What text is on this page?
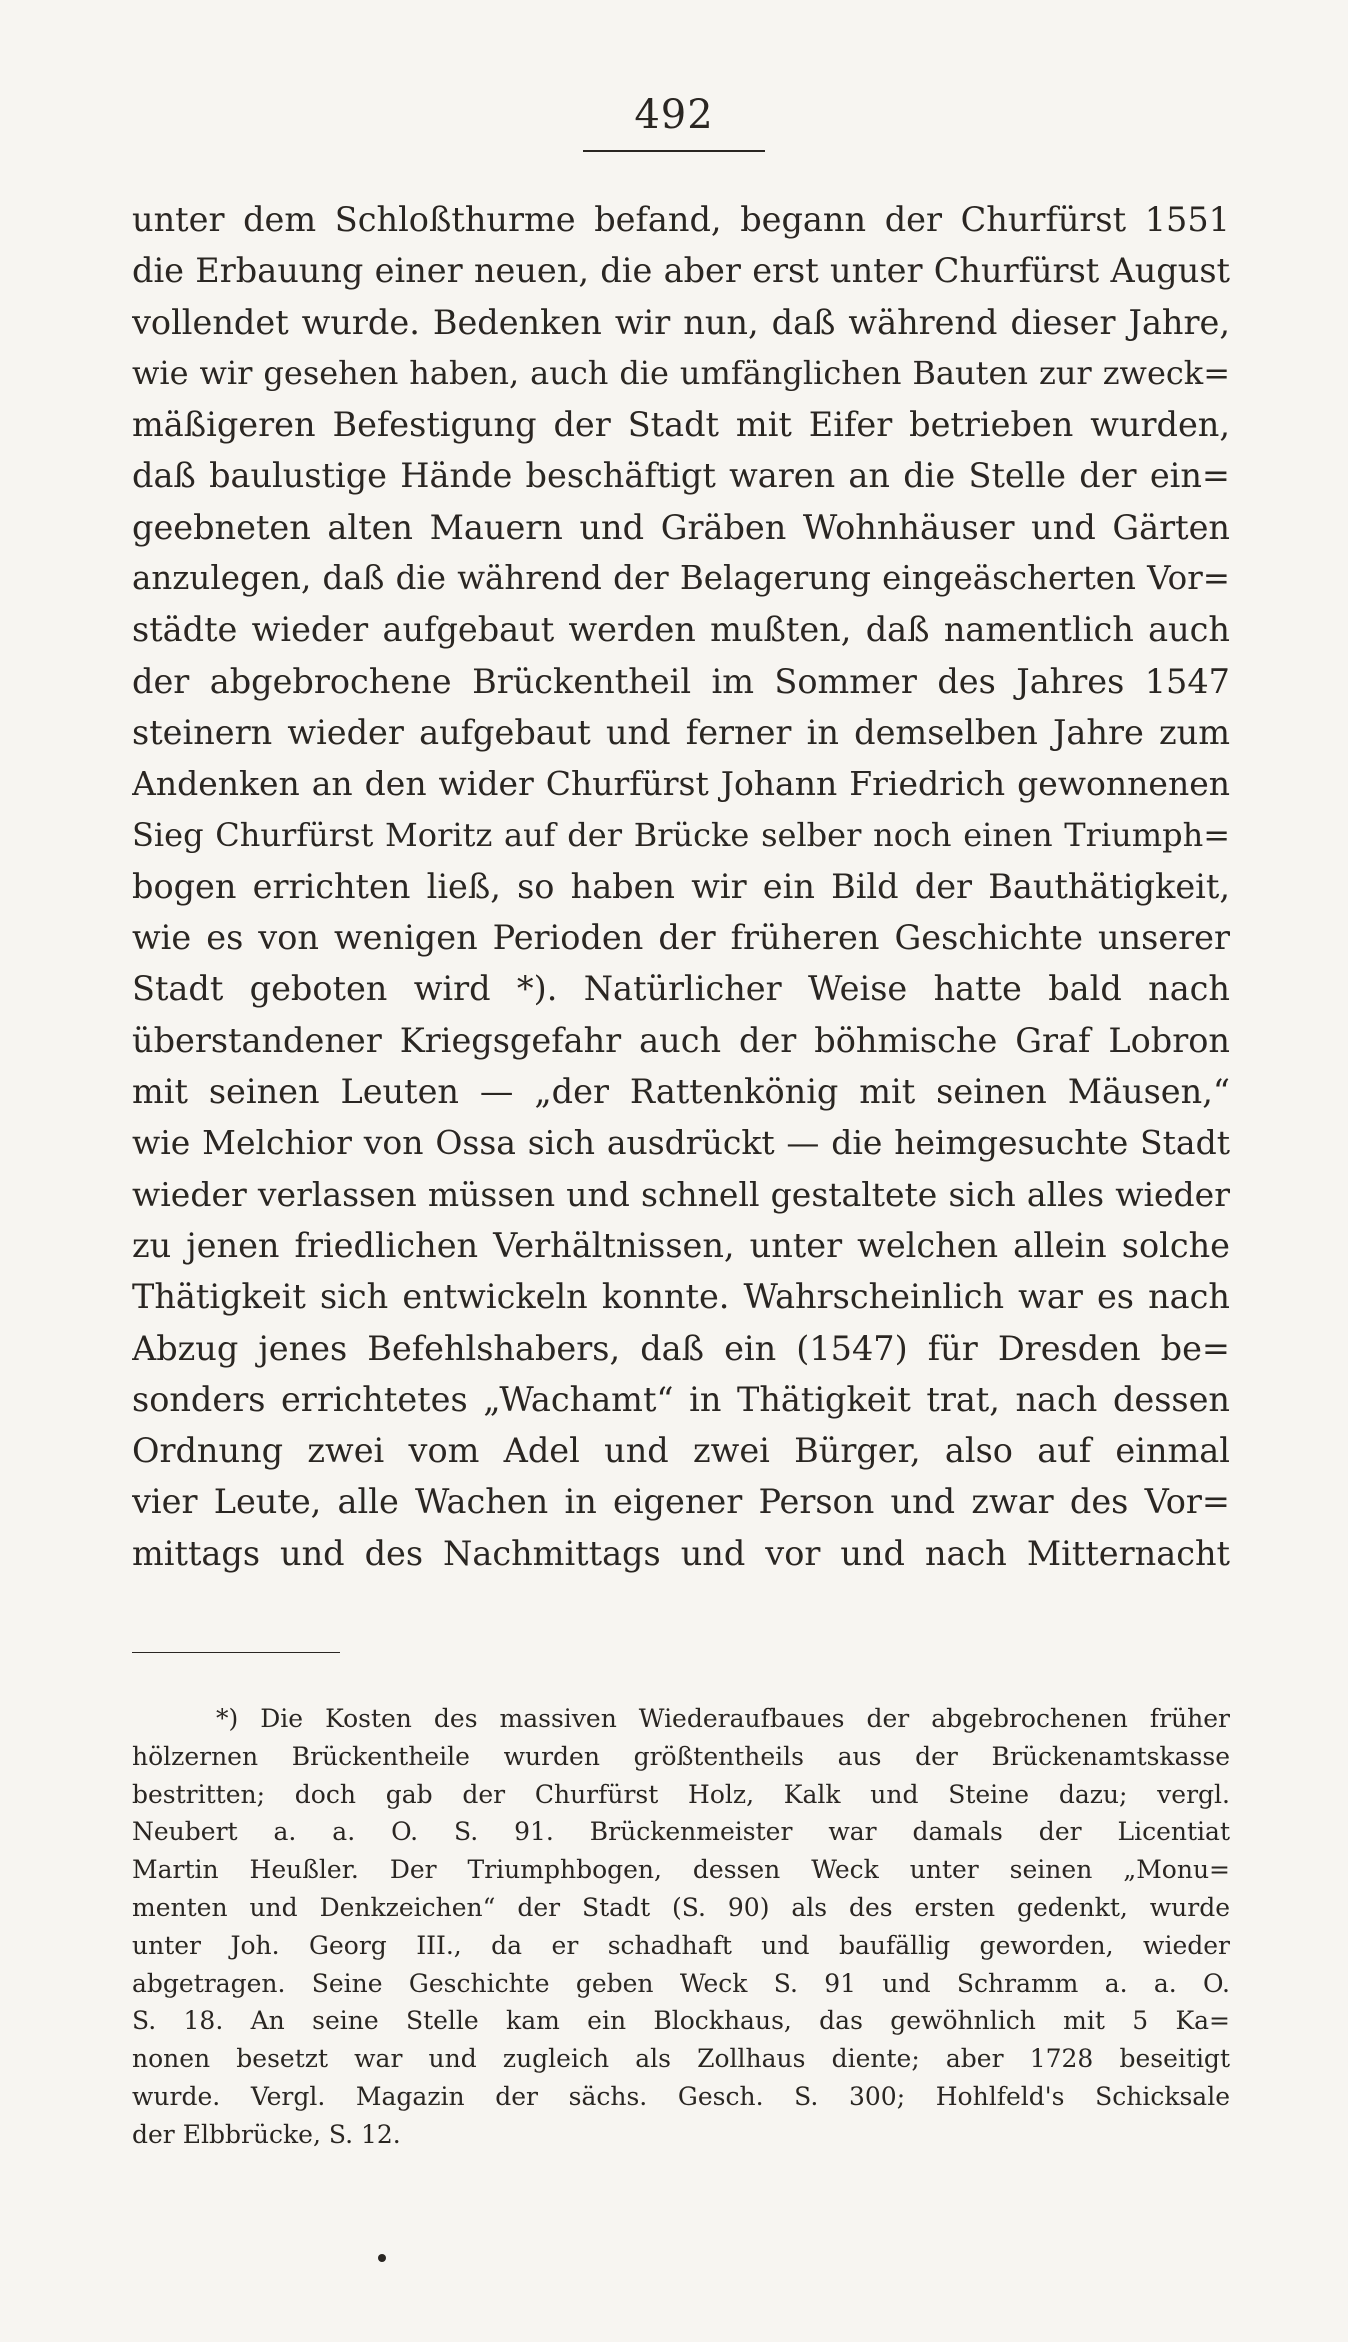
492
unter dem Schloßthurme befand, begann der Churfürst 1551
die Erbauung einer neuen, die aber erst unter Churfürst August
vollendet wurde. Bedenken wir nun, daß während dieser Jahre,
wie wir gesehen haben, auch die umfänglichen Bauten zur zweck=
mäßigeren Befestigung der Stadt mit Eifer betrieben wurden,
daß baulustige Hände beschäftigt waren an die Stelle der ein=
geebneten alten Mauern und Gräben Wohnhäuser und Gärten
anzulegen, daß die während der Belagerung eingeäscherten Vor=
städte wieder aufgebaut werden mußten, daß namentlich auch
der abgebrochene Brückentheil im Sommer des Jahres 1547
steinern wieder aufgebaut und ferner in demselben Jahre zum
Andenken an den wider Churfürst Johann Friedrich gewonnenen
Sieg Churfürst Moritz auf der Brücke selber noch einen Triumph=
bogen errichten ließ, so haben wir ein Bild der Bauthätigkeit,
wie es von wenigen Perioden der früheren Geschichte unserer
Stadt geboten wird *). Natürlicher Weise hatte bald nach
überstandener Kriegsgefahr auch der böhmische Graf Lobron
mit seinen Leuten — „der Rattenkönig mit seinen Mäusen,“
wie Melchior von Ossa sich ausdrückt — die heimgesuchte Stadt
wieder verlassen müssen und schnell gestaltete sich alles wieder
zu jenen friedlichen Verhältnissen, unter welchen allein solche
Thätigkeit sich entwickeln konnte. Wahrscheinlich war es nach
Abzug jenes Befehlshabers, daß ein (1547) für Dresden be=
sonders errichtetes „Wachamt“ in Thätigkeit trat, nach dessen
Ordnung zwei vom Adel und zwei Bürger, also auf einmal
vier Leute, alle Wachen in eigener Person und zwar des Vor=
mittags und des Nachmittags und vor und nach Mitternacht
*) Die Kosten des massiven Wiederaufbaues der abgebrochenen früher
hölzernen Brückentheile wurden größtentheils aus der Brückenamtskasse
bestritten; doch gab der Churfürst Holz, Kalk und Steine dazu; vergl.
Neubert a. a. O. S. 91. Brückenmeister war damals der Licentiat
Martin Heußler. Der Triumphbogen, dessen Weck unter seinen „Monu=
menten und Denkzeichen“ der Stadt (S. 90) als des ersten gedenkt, wurde
unter Joh. Georg III., da er schadhaft und baufällig geworden, wieder
abgetragen. Seine Geschichte geben Weck S. 91 und Schramm a. a. O.
S. 18. An seine Stelle kam ein Blockhaus, das gewöhnlich mit 5 Ka=
nonen besetzt war und zugleich als Zollhaus diente; aber 1728 beseitigt
wurde. Vergl. Magazin der sächs. Gesch. S. 300; Hohlfeld's Schicksale
der Elbbrücke, S. 12.
